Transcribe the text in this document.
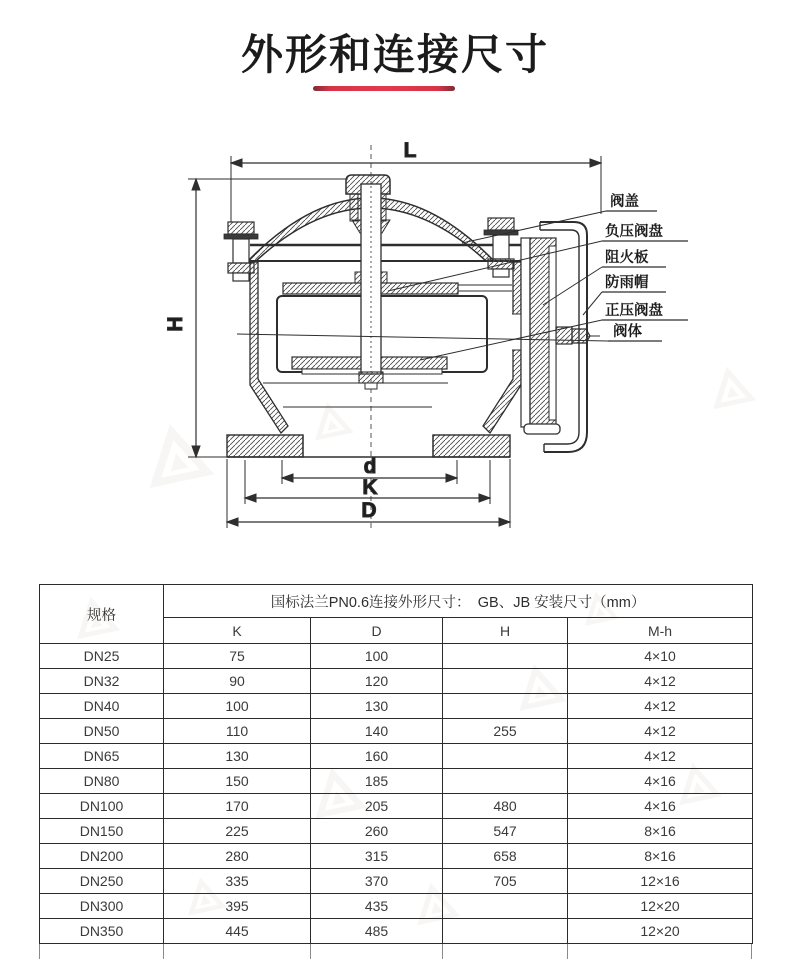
外形和连接尺寸
L
H
d
K
D
阀盖
负压阀盘
阻火板
防雨帽
正压阀盘
阀体
规格	国标法兰PN0.6连接外形尺寸：　GB、JB 安装尺寸（mm）			
	K	D	H	M-h
DN25	75	100		4×10
DN32	90	120		4×12
DN40	100	130		4×12
DN50	110	140	255	4×12
DN65	130	160		4×12
DN80	150	185		4×16
DN100	170	205	480	4×16
DN150	225	260	547	8×16
DN200	280	315	658	8×16
DN250	335	370	705	12×16
DN300	395	435		12×20
DN350	445	485		12×20
